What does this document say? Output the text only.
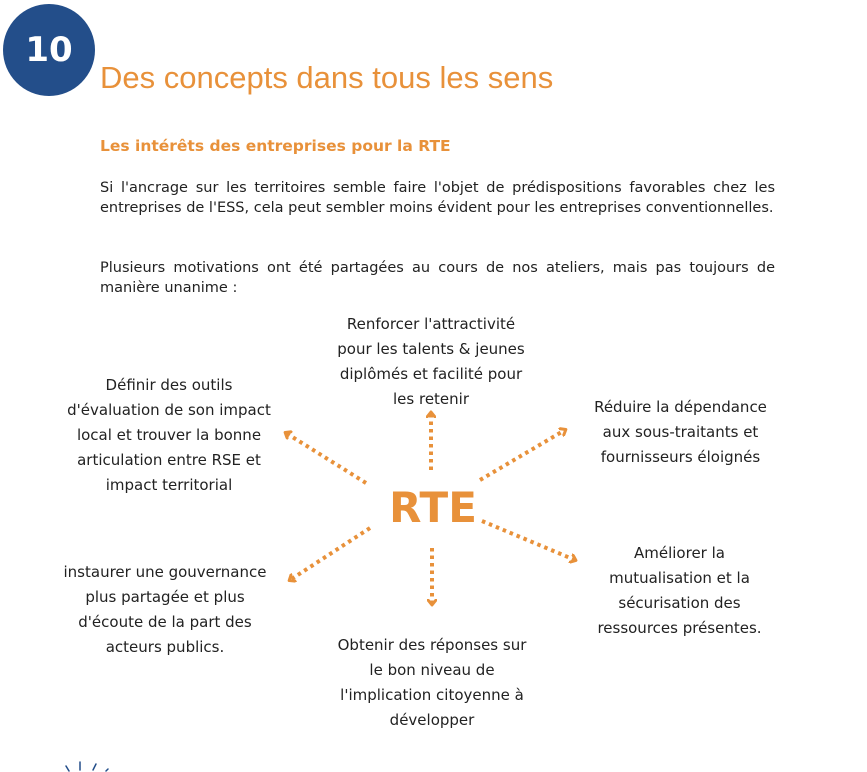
10
Des concepts dans tous les sens
Les intérêts des entreprises pour la RTE

Si l'ancrage sur les territoires semble faire l'objet de prédispositions favorables chez les entreprises de l'ESS, cela peut sembler moins évident pour les entreprises conventionnelles.

Plusieurs motivations ont été partagées au cours de nos ateliers, mais pas toujours de manière unanime :

RTE
Renforcer l'attractivité
pour les talents & jeunes
diplômés et facilité pour
les retenir
Définir des outils
d'évaluation de son impact
local et trouver la bonne
articulation entre RSE et
impact territorial
Réduire la dépendance
aux sous-traitants et
fournisseurs éloignés
instaurer une gouvernance
plus partagée et plus
d'écoute de la part des
acteurs publics.
Améliorer la
mutualisation et la
sécurisation des
ressources présentes.
Obtenir des réponses sur
le bon niveau de
l'implication citoyenne à
développer
